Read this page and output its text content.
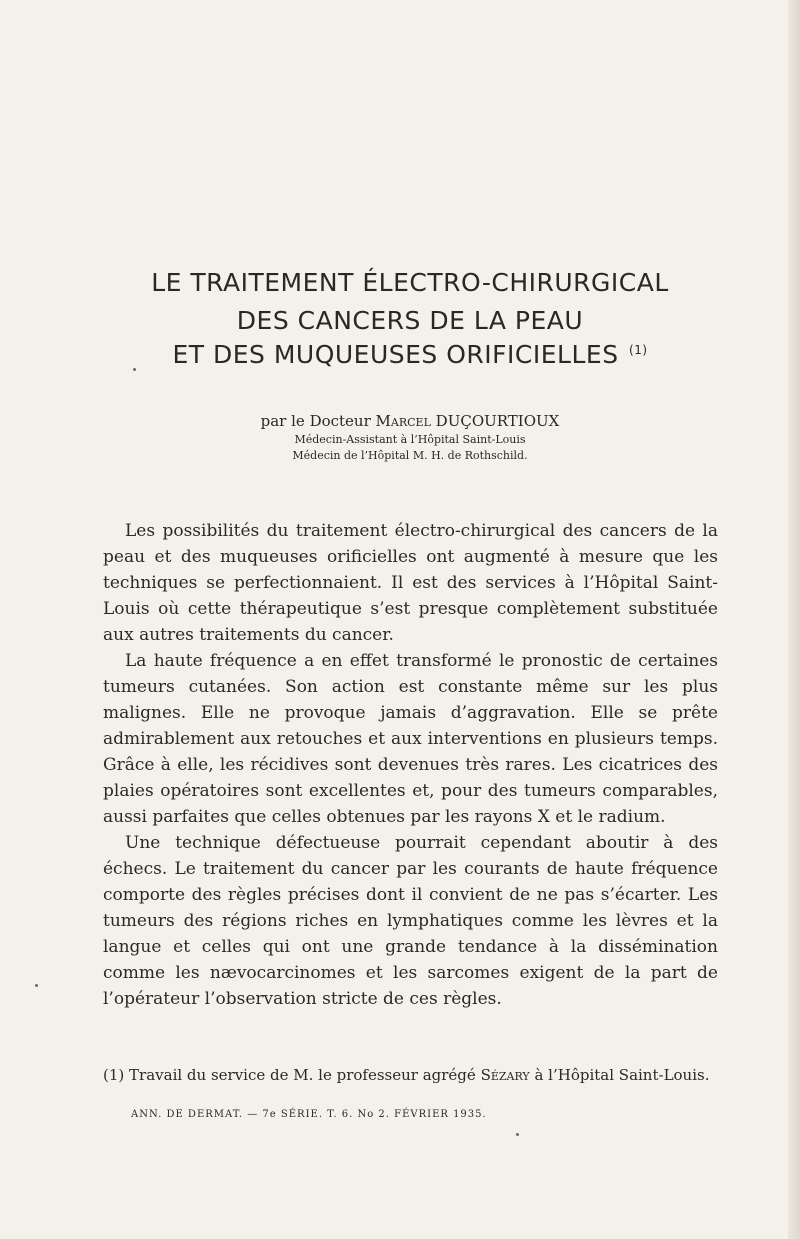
LE TRAITEMENT ÉLECTRO-CHIRURGICAL
DES CANCERS DE LA PEAU
ET DES MUQUEUSES ORIFICIELLES $^{(1)}$
par le Docteur Marcel DUÇOURTIOUX
Médecin-Assistant à l’Hôpital Saint-Louis
Médecin de l’Hôpital M. H. de Rothschild.

Les possibilités du traitement électro-chirurgical des cancers de la peau et des muqueuses orificielles ont augmenté à mesure que les techniques se perfectionnaient. Il est des services à l’Hôpital Saint-Louis où cette thérapeutique s’est presque complètement substituée aux autres traitements du cancer.

La haute fréquence a en effet transformé le pronostic de certaines tumeurs cutanées. Son action est constante même sur les plus malignes. Elle ne provoque jamais d’aggravation. Elle se prête admirablement aux retouches et aux interventions en plusieurs temps. Grâce à elle, les récidives sont devenues très rares. Les cicatrices des plaies opératoires sont excellentes et, pour des tumeurs comparables, aussi parfaites que celles obtenues par les rayons X et le radium.

Une technique défectueuse pourrait cependant aboutir à des échecs. Le traitement du cancer par les courants de haute fréquence comporte des règles précises dont il convient de ne pas s’écarter. Les tumeurs des régions riches en lymphatiques comme les lèvres et la langue et celles qui ont une grande tendance à la dissémination comme les nævocarcinomes et les sarcomes exigent de la part de l’opérateur l’observation stricte de ces règles.

(1) Travail du service de M. le professeur agrégé Sézary à l’Hôpital Saint-Louis.
ANN. DE DERMAT. — 7e SÉRIE. T. 6. No 2. FÉVRIER 1935.
